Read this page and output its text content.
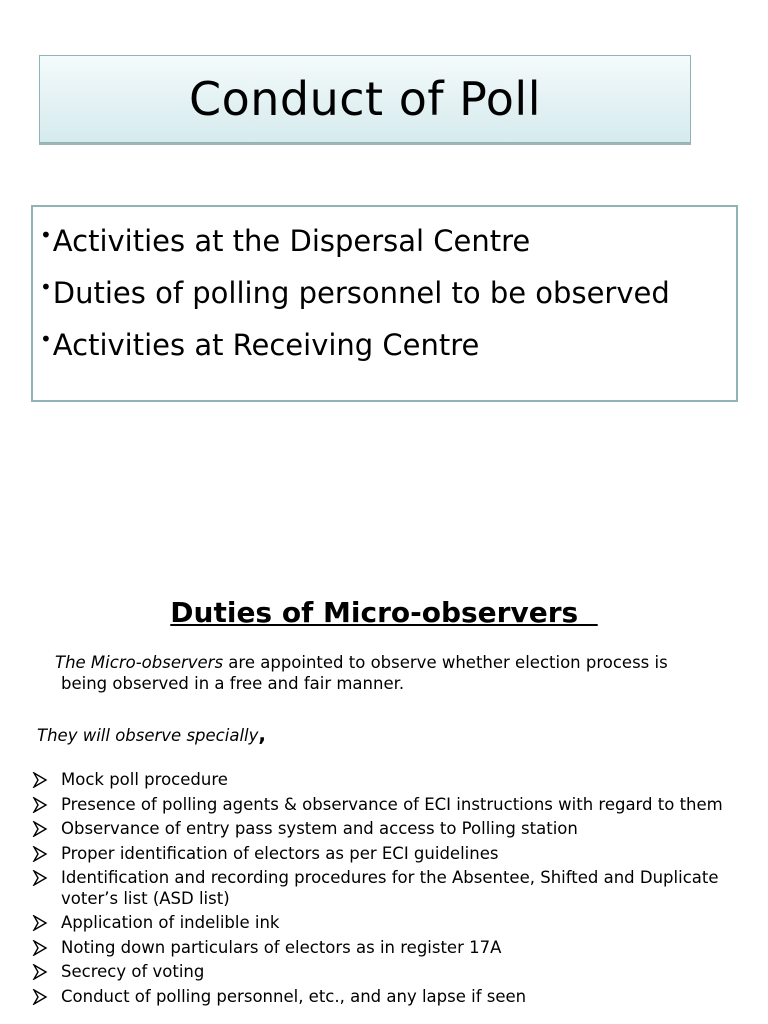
Conduct of Poll
•Activities at the Dispersal Centre
•Duties of polling personnel to be observed
•Activities at Receiving Centre
Duties of Micro-observers
The Micro-observers are appointed to observe whether election process is
being observed in a free and fair manner.
They will observe specially,
Mock poll procedure
Presence of polling agents & observance of ECI instructions with regard to them
Observance of entry pass system and access to Polling station
Proper identification of electors as per ECI guidelines
Identification and recording procedures for the Absentee, Shifted and Duplicate voter’s list (ASD list)
Application of indelible ink
Noting down particulars of electors as in register 17A
Secrecy of voting
Conduct of polling personnel, etc., and any lapse if seen
